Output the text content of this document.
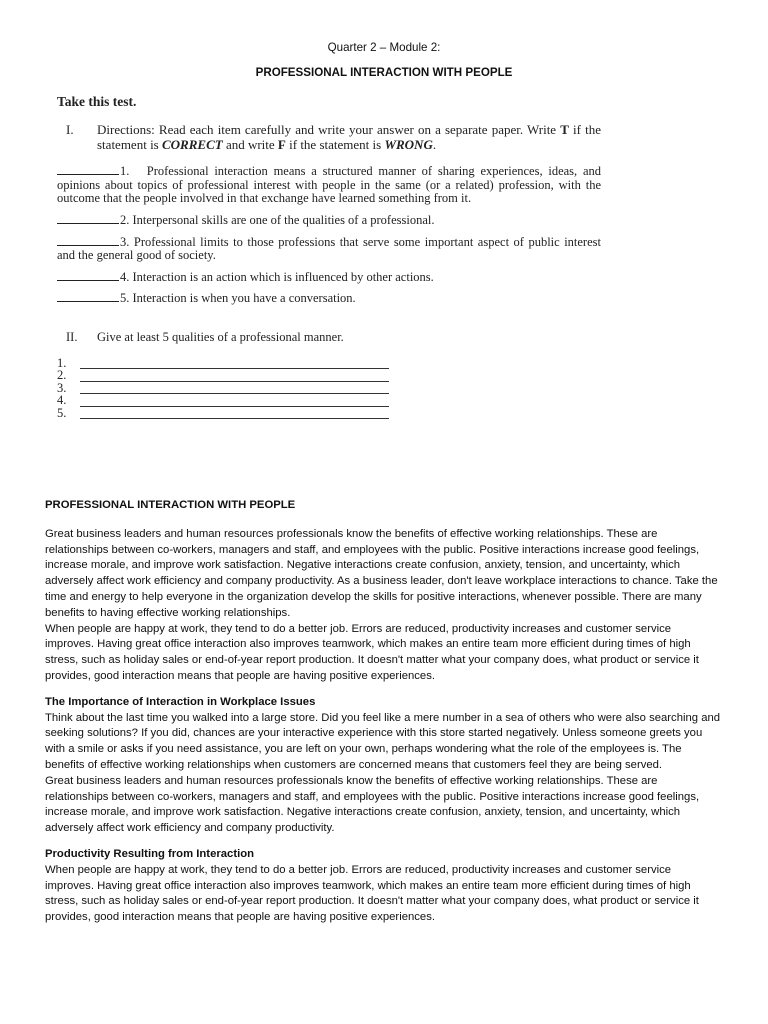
Quarter 2 – Module 2:
PROFESSIONAL INTERACTION WITH PEOPLE

Take this test.

I.	Directions: Read each item carefully and write your answer on a separate paper. Write T if the statement is CORRECT and write F if the statement is WRONG.
1. Professional interaction means a structured manner of sharing experiences, ideas, and opinions about topics of professional interest with people in the same (or a related) profession, with the outcome that the people involved in that exchange have learned something from it.
2. Interpersonal skills are one of the qualities of a professional.
3. Professional limits to those professions that serve some important aspect of public interest and the general good of society.
4. Interaction is an action which is influenced by other actions.
5. Interaction is when you have a conversation.
II.	Give at least 5 qualities of a professional manner.
1.
2.
3.
4.
5.

PROFESSIONAL INTERACTION WITH PEOPLE

Great business leaders and human resources professionals know the benefits of effective working relationships. These are relationships between co-workers, managers and staff, and employees with the public. Positive interactions increase good feelings, increase morale, and improve work satisfaction. Negative interactions create confusion, anxiety, tension, and uncertainty, which adversely affect work efficiency and company productivity. As a business leader, don't leave workplace interactions to chance. Take the time and energy to help everyone in the organization develop the skills for positive interactions, whenever possible. There are many benefits to having effective working relationships.

When people are happy at work, they tend to do a better job. Errors are reduced, productivity increases and customer service improves. Having great office interaction also improves teamwork, which makes an entire team more efficient during times of high stress, such as holiday sales or end-of-year report production. It doesn't matter what your company does, what product or service it provides, good interaction means that people are having positive experiences.

The Importance of Interaction in Workplace Issues

Think about the last time you walked into a large store. Did you feel like a mere number in a sea of others who were also searching and seeking solutions? If you did, chances are your interactive experience with this store started negatively. Unless someone greets you with a smile or asks if you need assistance, you are left on your own, perhaps wondering what the role of the employees is. The benefits of effective working relationships when customers are concerned means that customers feel they are being served.

Great business leaders and human resources professionals know the benefits of effective working relationships. These are relationships between co-workers, managers and staff, and employees with the public. Positive interactions increase good feelings, increase morale, and improve work satisfaction. Negative interactions create confusion, anxiety, tension, and uncertainty, which adversely affect work efficiency and company productivity.

Productivity Resulting from Interaction

When people are happy at work, they tend to do a better job. Errors are reduced, productivity increases and customer service improves. Having great office interaction also improves teamwork, which makes an entire team more efficient during times of high stress, such as holiday sales or end-of-year report production. It doesn't matter what your company does, what product or service it provides, good interaction means that people are having positive experiences.
